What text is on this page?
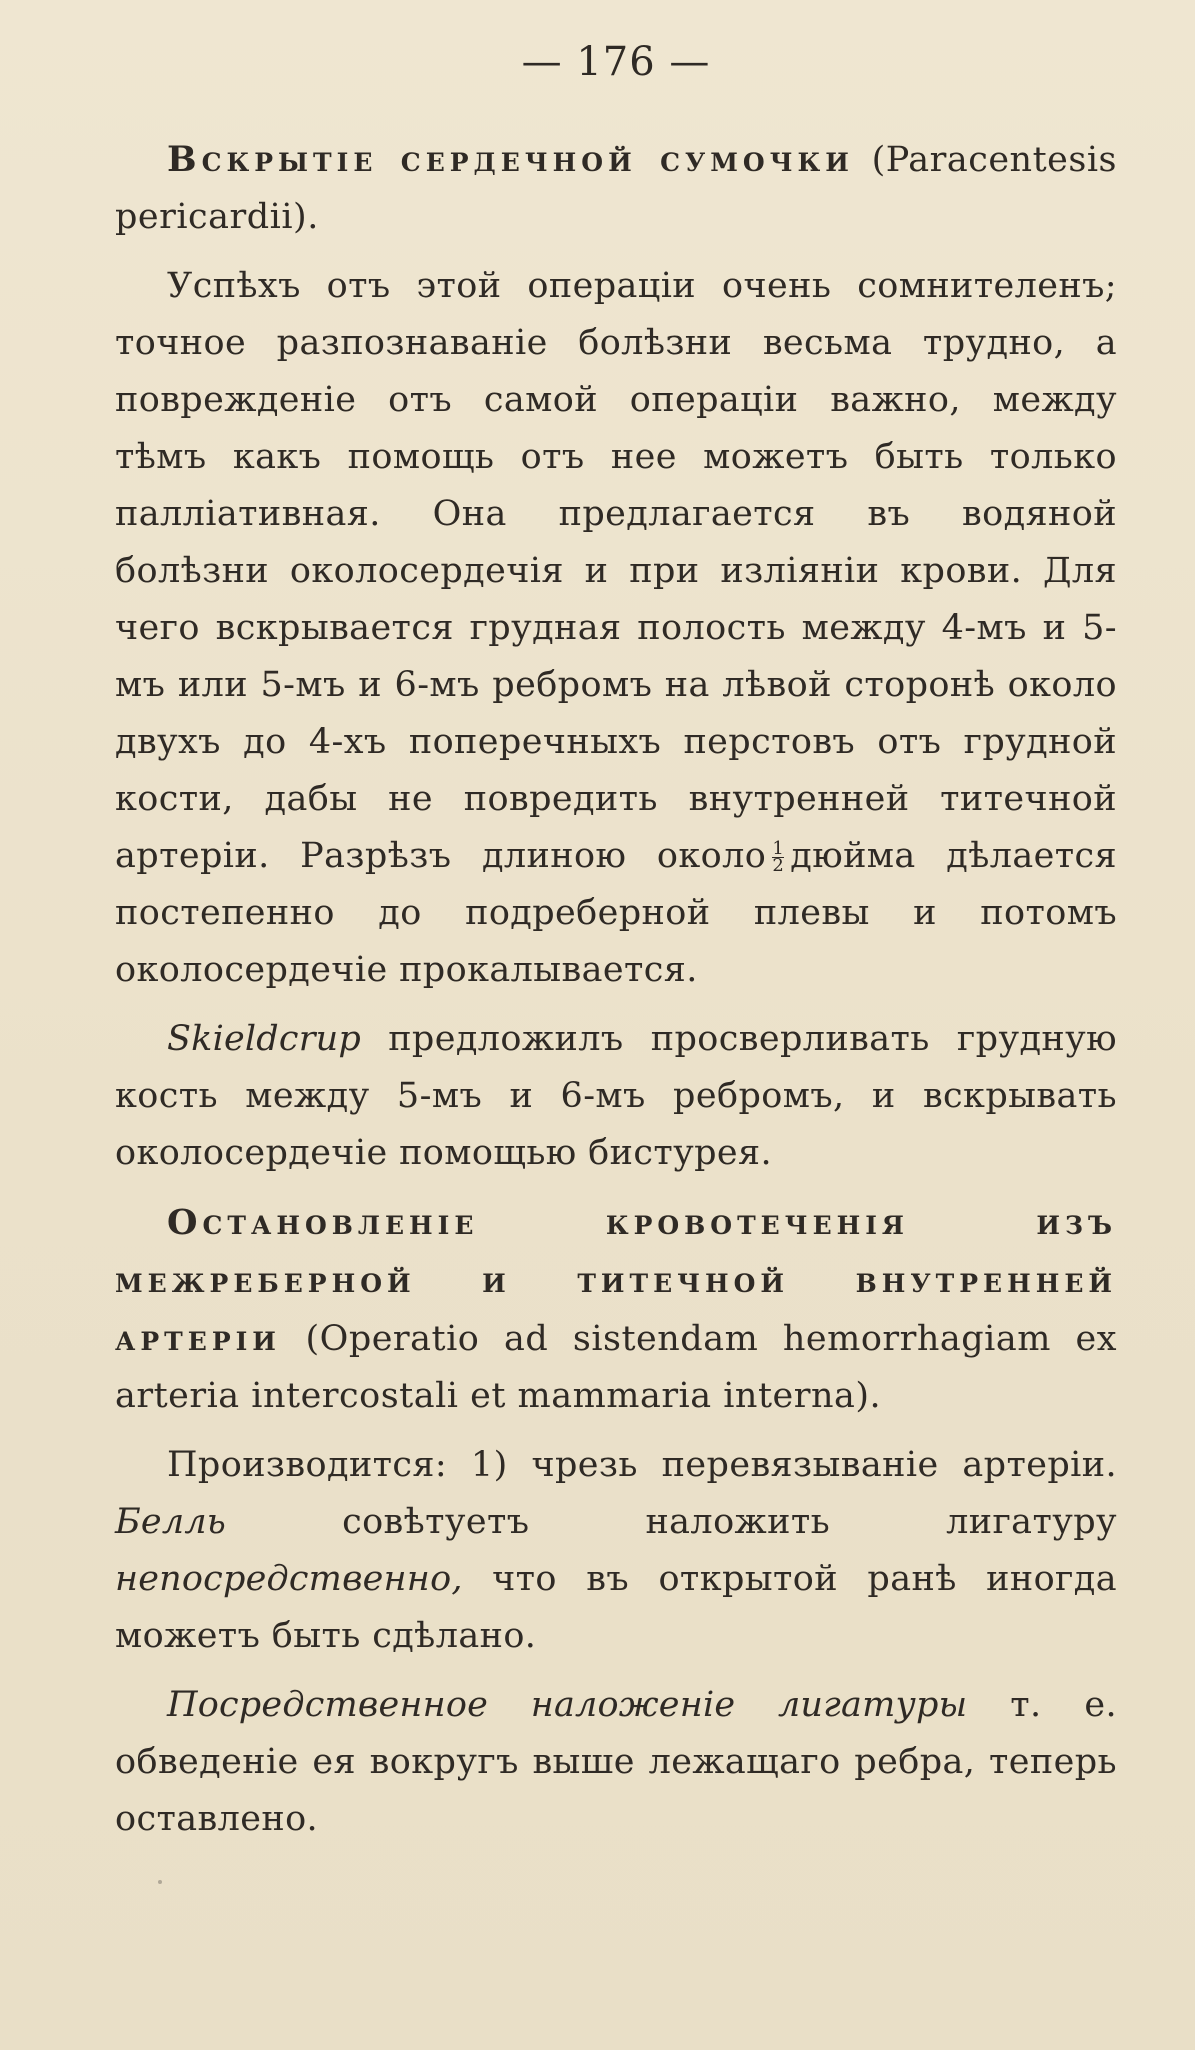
— 176 —

Вскрытіе сердечной сумочки (Paracentesis pericardii).

Успѣхъ отъ этой операціи очень сомнителенъ; точное разпознаваніе болѣзни весьма трудно, а поврежденіе отъ самой операціи важно, между тѣмъ какъ помощь отъ нее можетъ быть только палліативная. Она предлагается въ водяной болѣзни околосердечія и при изліяніи крови. Для чего вскрывается грудная полость между 4-мъ и 5-мъ или 5-мъ и 6-мъ ребромъ на лѣвой сторонѣ около двухъ до 4-хъ поперечныхъ перстовъ отъ грудной кости, дабы не повредить внутренней титечной артеріи. Разрѣзъ длиною около $\frac{1}{2}$ дюйма дѣлается постепенно до подреберной плевы и потомъ околосердечіе прокалывается.

Skieldcrup предложилъ просверливать грудную кость между 5-мъ и 6-мъ ребромъ, и вскрывать околосердечіе помощью бистурея.

Остановленіе кровотеченія изъ межреберной и титечной внутренней артеріи (Operatio ad sistendam hemorrhagiam ex arteria intercostali et mammaria interna).

Производится: 1) чрезь перевязываніе артеріи. Белль	совѣтуетъ наложить лигатуру непосредственно, что въ открытой ранѣ иногда можетъ быть сдѣлано.

Посредственное наложеніе лигатуры т. е. обведеніе ея вокругъ выше лежащаго ребра, теперь оставлено.
